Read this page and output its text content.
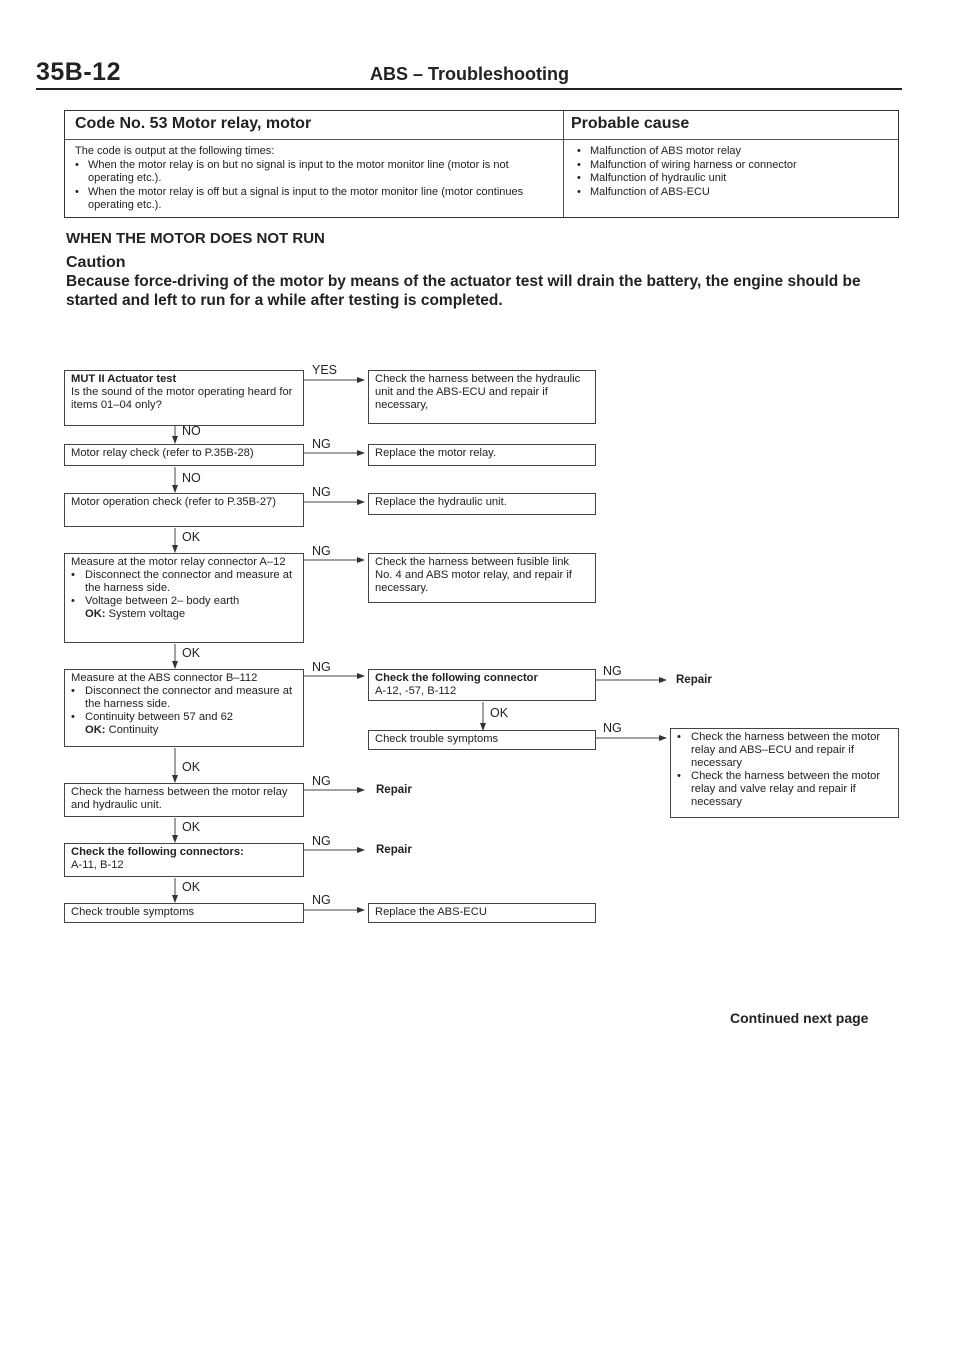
35B-12	ABS – Troubleshooting
Code No. 53 Motor relay, motor	Probable cause
The code is output at the following times:
• When the motor relay is on but no signal is input to the motor monitor line (motor is not operating etc.).
• When the motor relay is off but a signal is input to the motor monitor line (motor continues operating etc.).
• Malfunction of ABS motor relay
• Malfunction of wiring harness or connector
• Malfunction of hydraulic unit
• Malfunction of ABS-ECU
WHEN THE MOTOR DOES NOT RUN
Caution
Because force-driving of the motor by means of the actuator test will drain the battery, the engine should be started and left to run for a while after testing is completed.
MUT II Actuator test
Is the sound of the motor operating heard for items 01–04 only?
YES
Check the harness between the hydraulic unit and the ABS-ECU and repair if necessary,
NO
Motor relay check (refer to P.35B-28)
NG
Replace the motor relay.
NO
Motor operation check (refer to P.35B-27)
NG
Replace the hydraulic unit.
OK
Measure at the motor relay connector A–12
• Disconnect the connector and measure at the harness side.
• Voltage between 2– body earth
OK: System voltage
NG
Check the harness between fusible link No. 4 and ABS motor relay, and repair if necessary.
OK
Measure at the ABS connector B–112
• Disconnect the connector and measure at the harness side.
• Continuity between 57 and 62
OK: Continuity
NG
Check the following connector
A-12, -57, B-112
NG
Repair
OK
Check trouble symptoms
NG
• Check the harness between the motor relay and ABS–ECU and repair if necessary
• Check the harness between the motor relay and valve relay and repair if necessary
OK
Check the harness between the motor relay and hydraulic unit.
NG
Repair
OK
Check the following connectors:
A-11, B-12
NG
Repair
OK
Check trouble symptoms
NG
Replace the ABS-ECU
Continued next page
